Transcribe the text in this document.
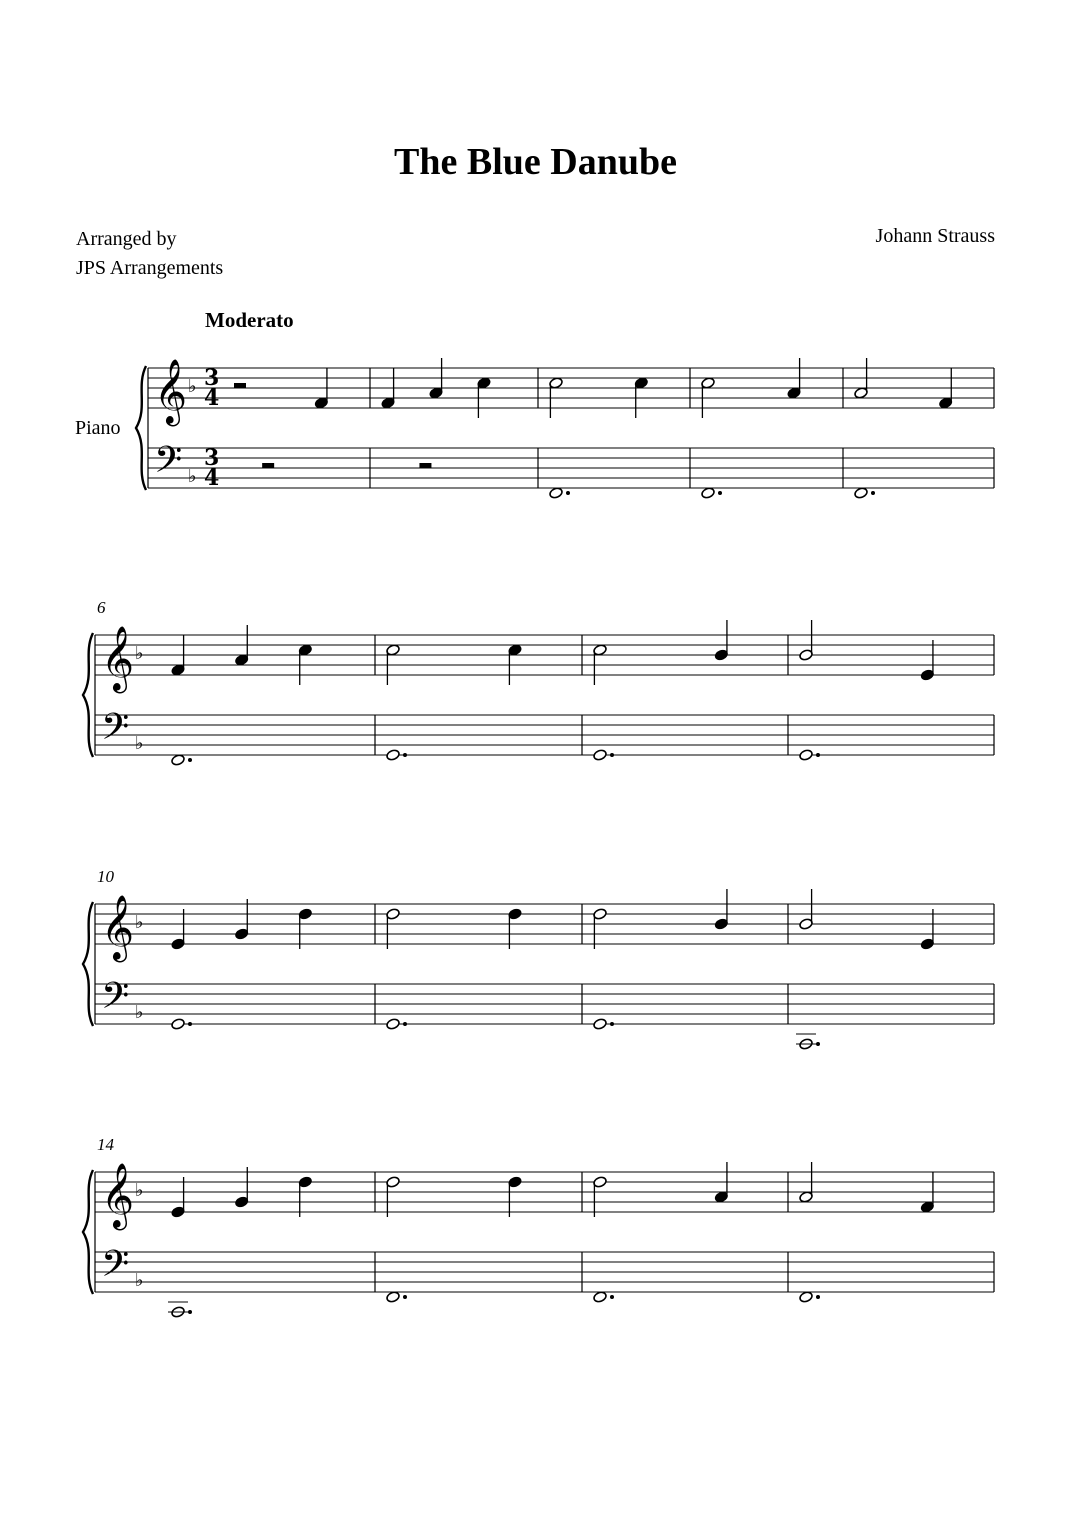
The Blue Danube
Arranged by
JPS Arrangements
Johann Strauss
Moderato
Piano
𝄞
𝄢
♭
♭
3
4
3
4
6
𝄞
𝄢
♭
♭
10
𝄞
𝄢
♭
♭
14
𝄞
𝄢
♭
♭
